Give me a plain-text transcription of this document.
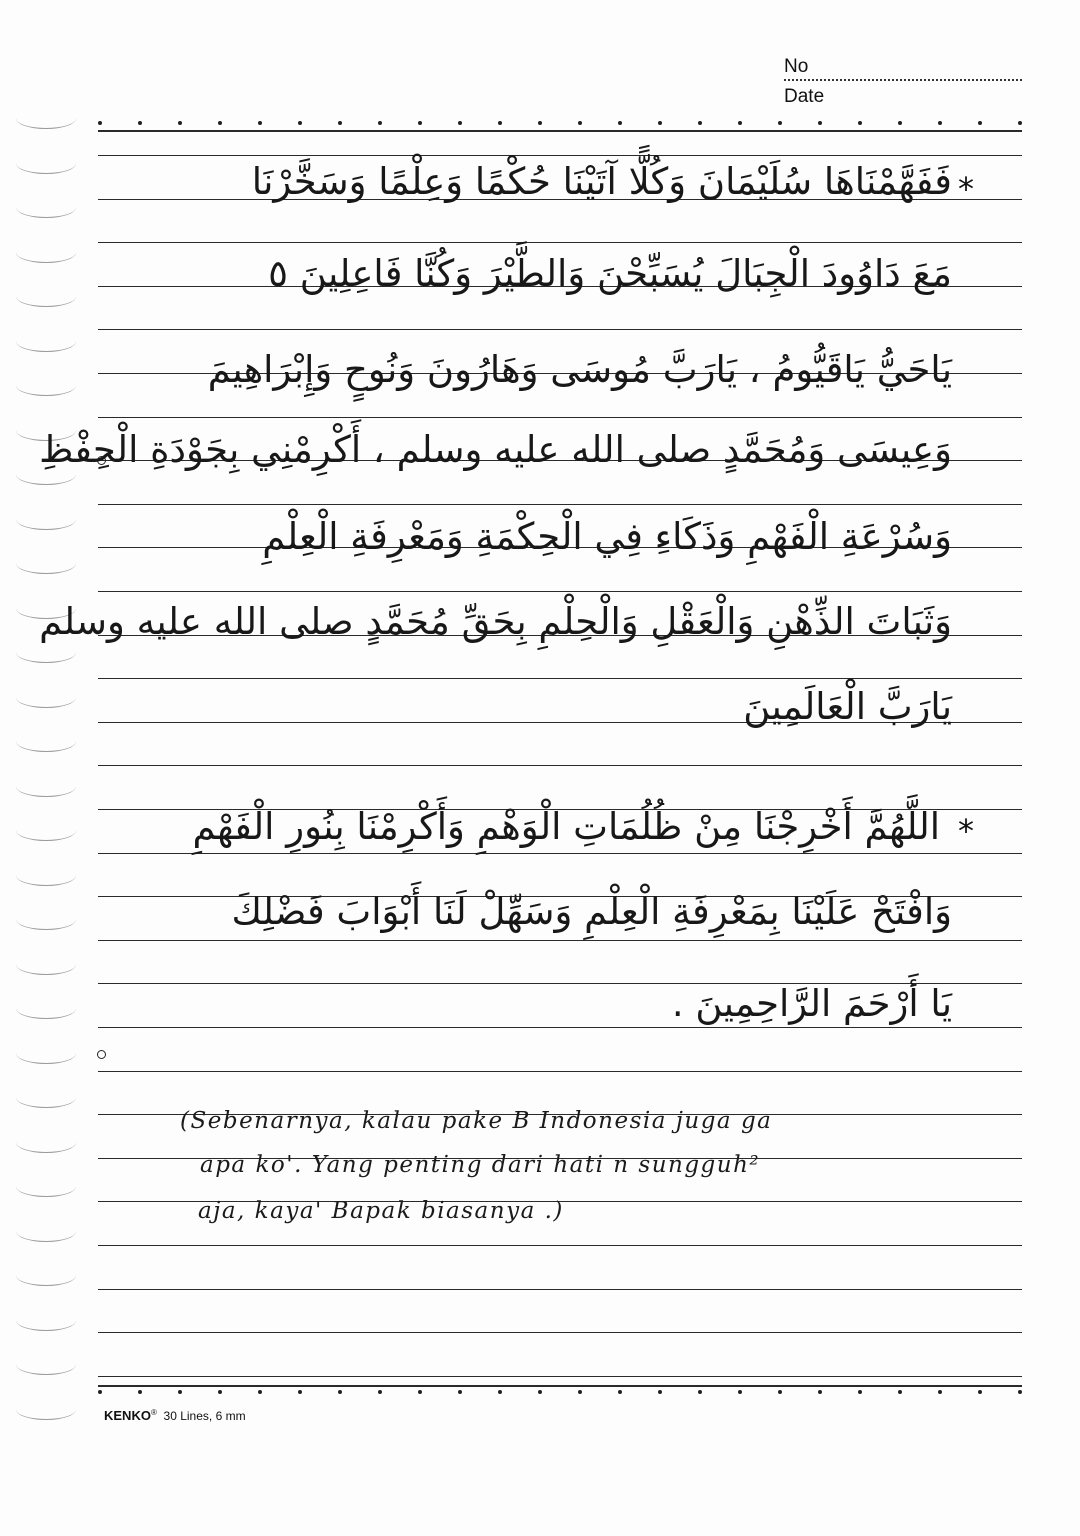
No
Date
*
فَفَهَّمْنَاهَا سُلَيْمَانَ وَكُلًّا آتَيْنَا حُكْمًا وَعِلْمًا وَسَخَّرْنَا
مَعَ دَاوُودَ الْجِبَالَ يُسَبِّحْنَ وَالطَّيْرَ وَكُنَّا فَاعِلِينَ ٥
يَاحَيُّ يَاقَيُّومُ ، يَارَبَّ مُوسَى وَهَارُونَ وَنُوحٍ وَإِبْرَاهِيمَ
وَعِيسَى وَمُحَمَّدٍ صلى الله عليه وسلم ، أَكْرِمْنِي بِجَوْدَةِ الْحِفْظِ
وَسُرْعَةِ الْفَهْمِ وَذَكَاءِ فِي الْحِكْمَةِ وَمَعْرِفَةِ الْعِلْمِ
وَثَبَاتَ الذِّهْنِ وَالْعَقْلِ وَالْحِلْمِ بِحَقِّ مُحَمَّدٍ صلى الله عليه وسلم
يَارَبَّ الْعَالَمِينَ
*
اللَّهُمَّ أَخْرِجْنَا مِنْ ظُلُمَاتِ الْوَهْمِ وَأَكْرِمْنَا بِنُورِ الْفَهْمِ
وَافْتَحْ عَلَيْنَا بِمَعْرِفَةِ الْعِلْمِ وَسَهِّلْ لَنَا أَبْوَابَ فَضْلِكَ
يَا أَرْحَمَ الرَّاحِمِينَ .
(Sebenarnya, kalau pake B Indonesia juga ga
apa ko'. Yang penting dari hati n sungguh²
aja, kaya' Bapak biasanya .)
KENKO® 30 Lines, 6 mm
